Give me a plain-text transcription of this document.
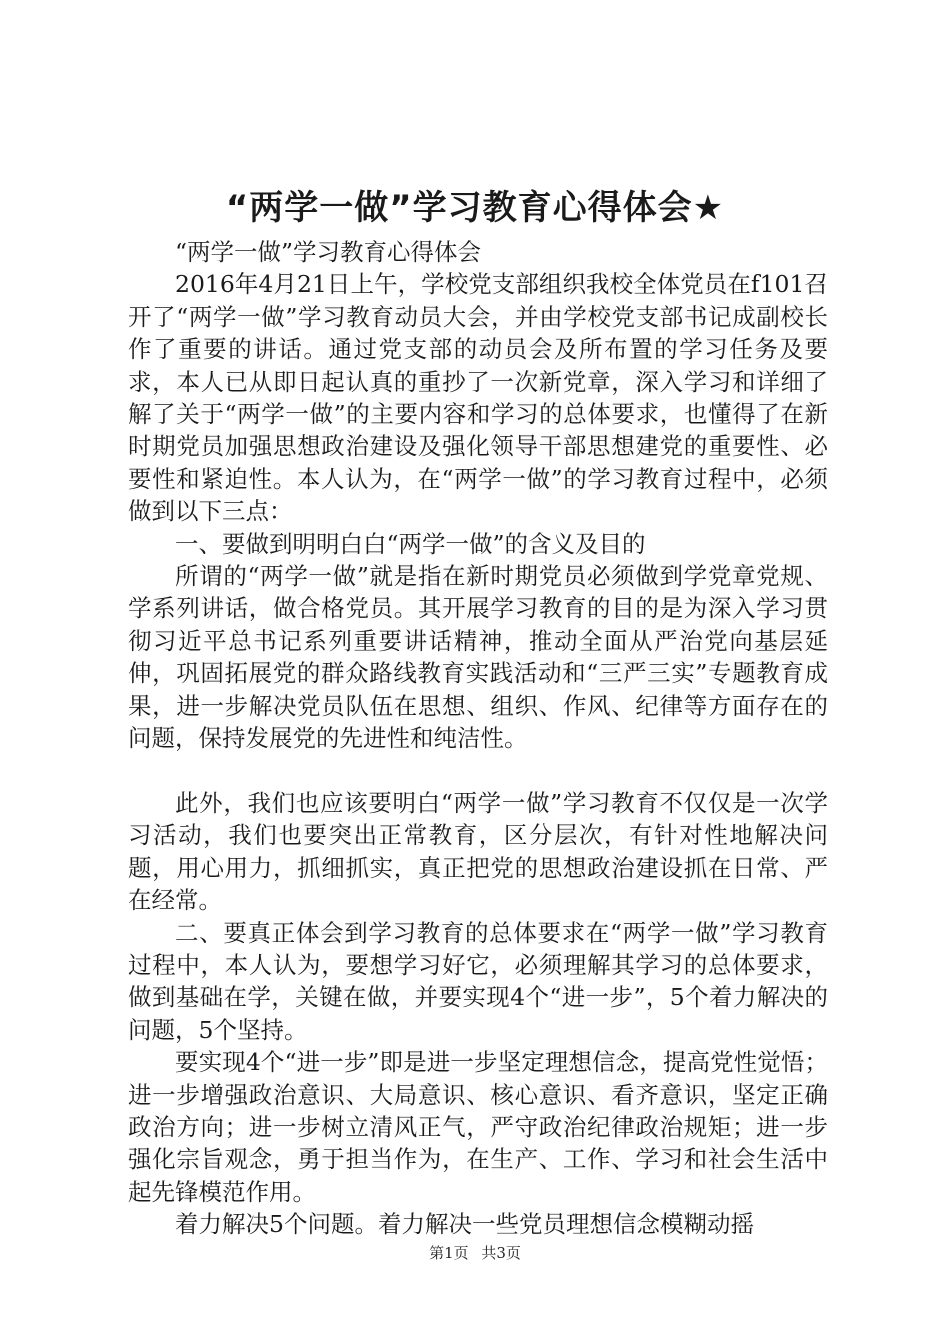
“两学一做”学习教育心得体会★

“两学一做”学习教育心得体会

2016年4月21日上午，学校党支部组织我校全体党员在f101召开了“两学一做”学习教育动员大会，并由学校党支部书记成副校长作了重要的讲话。通过党支部的动员会及所布置的学习任务及要求，本人已从即日起认真的重抄了一次新党章，深入学习和详细了解了关于“两学一做”的主要内容和学习的总体要求，也懂得了在新时期党员加强思想政治建设及强化领导干部思想建党的重要性、必要性和紧迫性。本人认为，在“两学一做”的学习教育过程中，必须做到以下三点：

一、要做到明明白白“两学一做”的含义及目的

所谓的“两学一做”就是指在新时期党员必须做到学党章党规、学系列讲话，做合格党员。其开展学习教育的目的是为深入学习贯彻习近平总书记系列重要讲话精神，推动全面从严治党向基层延伸，巩固拓展党的群众路线教育实践活动和“三严三实”专题教育成果，进一步解决党员队伍在思想、组织、作风、纪律等方面存在的问题，保持发展党的先进性和纯洁性。

此外，我们也应该要明白“两学一做”学习教育不仅仅是一次学习活动，我们也要突出正常教育，区分层次，有针对性地解决问题，用心用力，抓细抓实，真正把党的思想政治建设抓在日常、严在经常。

二、要真正体会到学习教育的总体要求在“两学一做”学习教育过程中，本人认为，要想学习好它，必须理解其学习的总体要求，做到基础在学，关键在做，并要实现4个“进一步”，5个着力解决的问题，5个坚持。

要实现4个“进一步”即是进一步坚定理想信念，提高党性觉悟；进一步增强政治意识、大局意识、核心意识、看齐意识，坚定正确政治方向；进一步树立清风正气，严守政治纪律政治规矩；进一步强化宗旨观念，勇于担当作为，在生产、工作、学习和社会生活中起先锋模范作用。

着力解决5个问题。着力解决一些党员理想信念模糊动摇

第1页 共3页
